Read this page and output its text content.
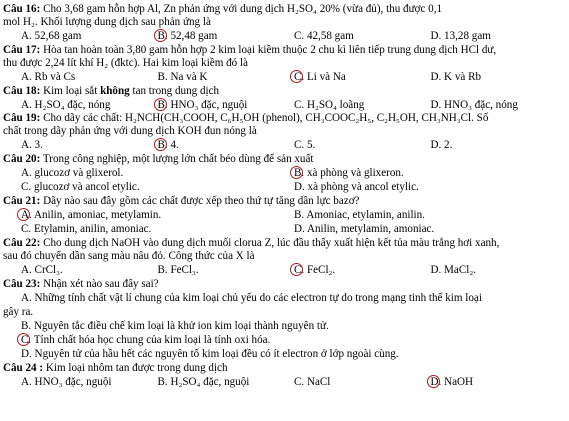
Câu 16: Cho 3,68 gam hỗn hợp Al, Zn phản ứng với dung dịch H₂SO₄ 20% (vừa đủ), thu được 0,1
mol H₂. Khối lượng dung dịch sau phản ứng là
A. 52,68 gam	B. 52,48 gam	C. 42,58 gam	D. 13,28 gam
Câu 17: Hòa tan hoàn toàn 3,80 gam hỗn hợp 2 kim loại kiềm thuộc 2 chu kì liên tiếp trung dung dịch HCl dư,
thu được 2,24 lít khí H₂ (đktc). Hai kim loại kiềm đó là
A. Rb và Cs	B. Na và K	C. Li và Na	D. K và Rb
Câu 18: Kim loại sắt không tan trong dung dịch
A. H₂SO₄ đặc, nóng	B. HNO₃ đặc, nguội	C. H₂SO₄ loãng	D. HNO₃ đặc, nóng
Câu 19: Cho dãy các chất: H₂NCH(CH₃COOH, C₆H₅OH (phenol), CH₃COOC₂H₅, C₂H₅OH, CH₃NH₃Cl. Số
chất trong dãy phản ứng với dung dịch KOH đun nóng là
A. 3.	B. 4.	C. 5.	D. 2.
Câu 20: Trong công nghiệp, một lượng lớn chất béo dùng để sản xuất
A. glucozơ và glixerol.	B. xà phòng và glixeron.
C. glucozơ và ancol etylic.	D. xà phòng và ancol etylic.
Câu 21: Dãy nào sau đây gồm các chất được xếp theo thứ tự tăng dần lực bazơ?
A. Anilin, amoniac, metylamin.	B. Amoniac, etylamin, anilin.
C. Etylamin, anilin, amoniac.	D. Anilin, metylamin, amoniac.
Câu 22: Cho dung dịch NaOH vào dung dịch muối clorua Z, lúc đầu thấy xuất hiện kết tủa màu trắng hơi xanh,
sau đó chuyển dần sang màu nâu đỏ. Công thức của X là
A. CrCl₃.	B. FeCl₃.	C. FeCl₂.	D. MaCl₂.
Câu 23: Nhận xét nào sau đây sai?
A. Những tính chất vật lí chung của kim loại chủ yếu do các electron tự do trong mạng tinh thể kim loại
gây ra.
B. Nguyên tắc điều chế kim loại là khử ion kim loại thành nguyên tử.
C. Tính chất hóa học chung của kim loại là tính oxi hóa.
D. Nguyên tử của hầu hết các nguyên tố kim loại đều có ít electron ở lớp ngoài cùng.
Câu 24 : Kim loại nhôm tan được trong dung dịch
A. HNO₃ đặc, nguội	B. H₂SO₄ đặc, nguội	C. NaCl	D. NaOH
